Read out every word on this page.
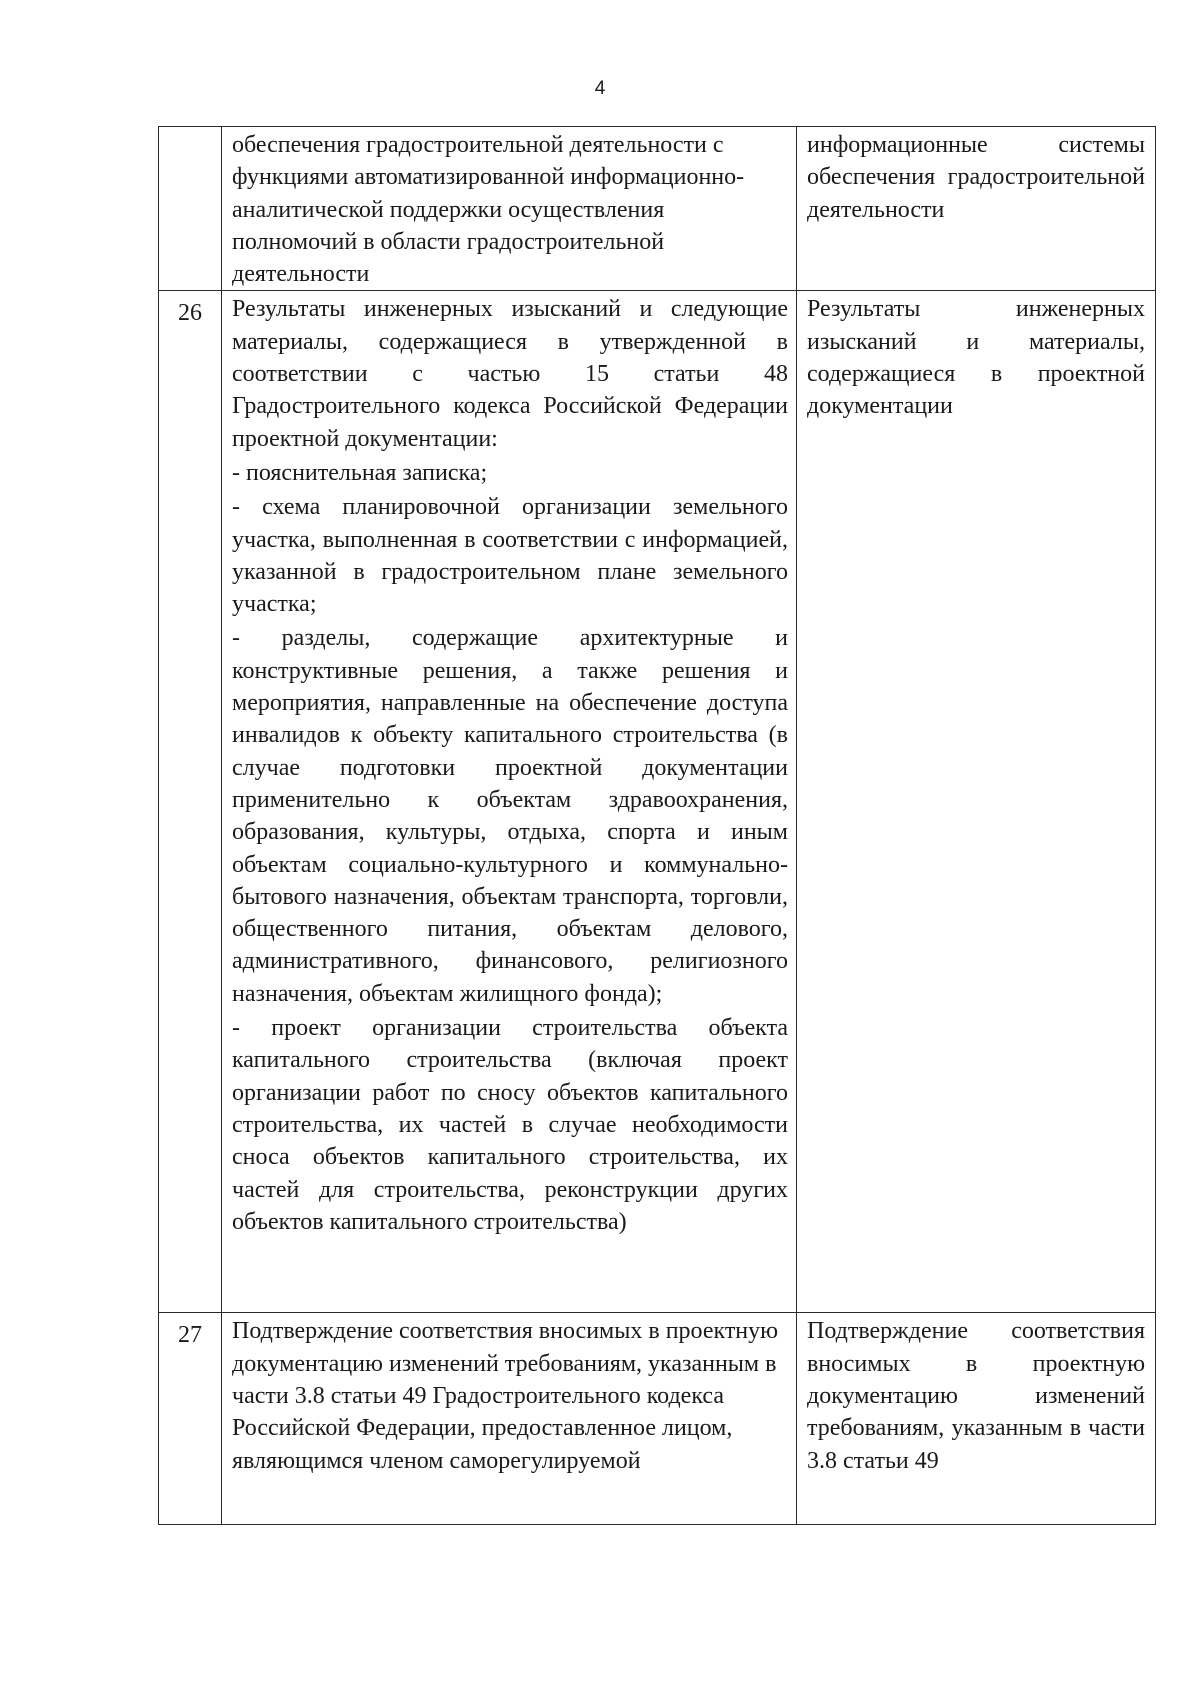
4

	обеспечения градостроительной деятельности с функциями автоматизированной информационно-аналитической поддержки осуществления полномочий в области градостроительной деятельности	информационные системы обеспечения градостроительной деятельности

26	Результаты инженерных изысканий и следующие материалы, содержащиеся в утвержденной в соответствии с частью 15 статьи 48 Градостроительного кодекса Российской Федерации проектной документации:

- пояснительная записка;

- схема планировочной организации земельного участка, выполненная в соответствии с информацией, указанной в градостроительном плане земельного участка;

- разделы, содержащие архитектурные и конструктивные решения, а также решения и мероприятия, направленные на обеспечение доступа инвалидов к объекту капитального строительства (в случае подготовки проектной документации применительно к объектам здравоохранения, образования, культуры, отдыха, спорта и иным объектам социально-культурного и коммунально-бытового назначения, объектам транспорта, торговли, общественного питания, объектам делового, административного, финансового, религиозного назначения, объектам жилищного фонда);

- проект организации строительства объекта капитального строительства (включая проект организации работ по сносу объектов капитального строительства, их частей в случае необходимости сноса объектов капитального строительства, их частей для строительства, реконструкции других объектов капитального строительства)	Результаты инженерных изысканий и материалы, содержащиеся в проектной документации

27	Подтверждение соответствия вносимых в проектную документацию изменений требованиям, указанным в части 3.8 статьи 49 Градостроительного кодекса Российской Федерации, предоставленное лицом, являющимся членом саморегулируемой	Подтверждение соответствия вносимых в проектную документацию изменений требованиям, указанным в части 3.8 статьи 49
